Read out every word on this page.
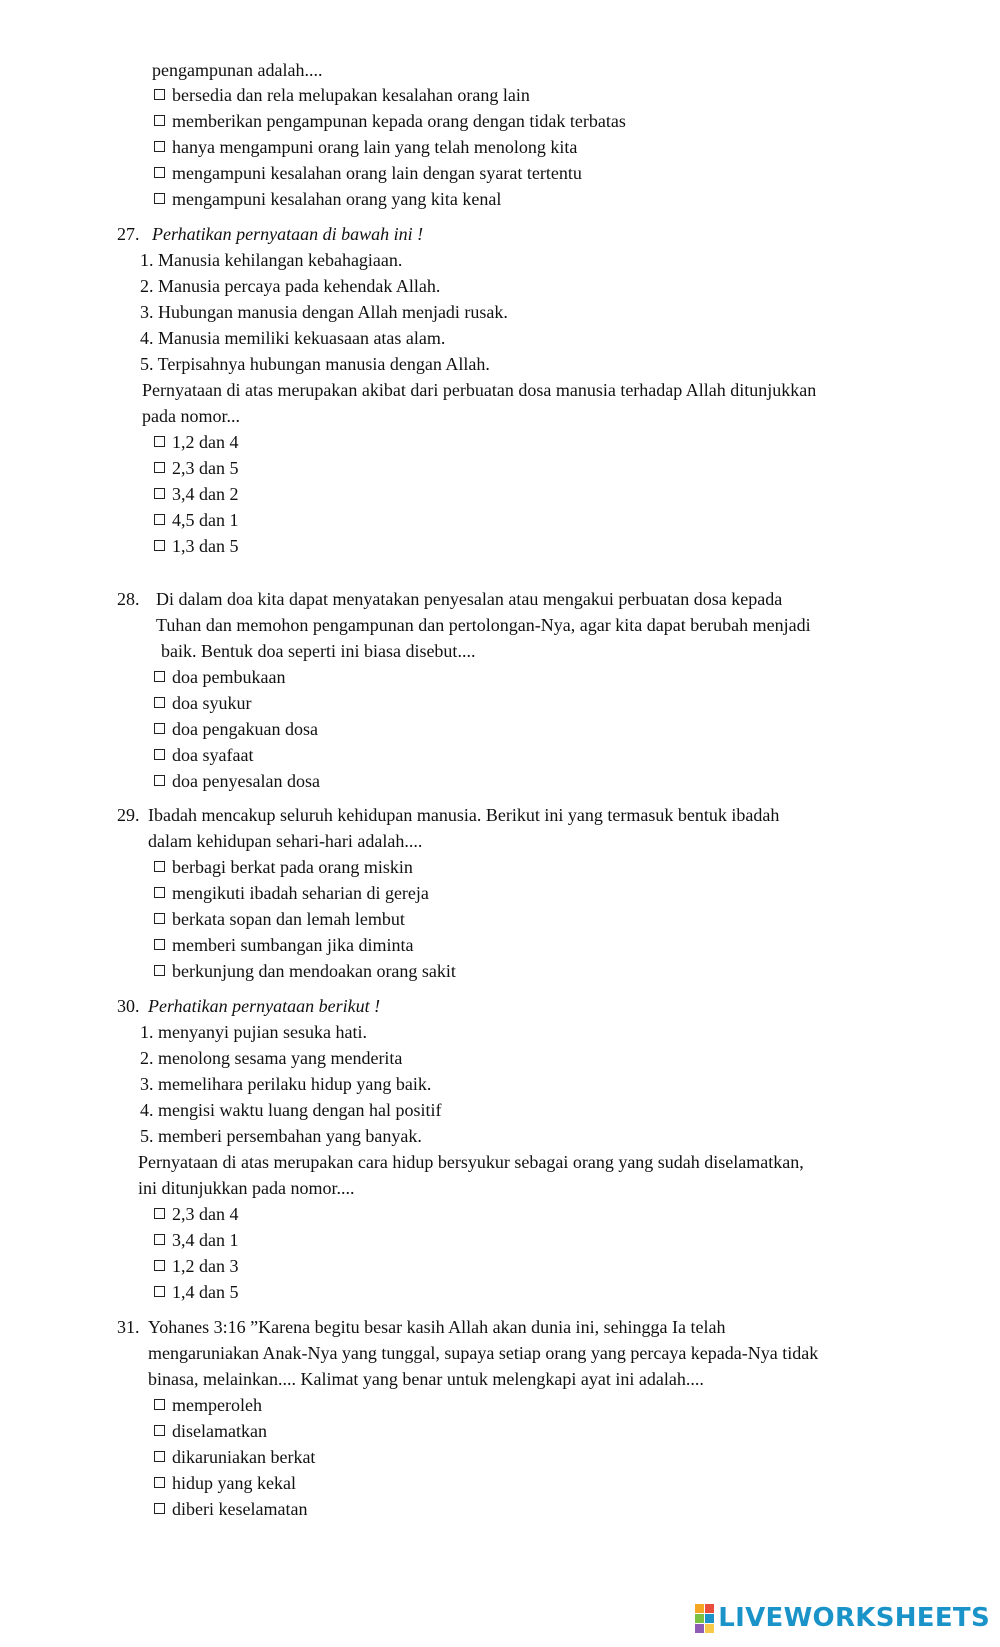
pengampunan adalah....
bersedia dan rela melupakan kesalahan orang lain
memberikan pengampunan kepada orang dengan tidak terbatas
hanya mengampuni orang lain yang telah menolong kita
mengampuni kesalahan orang lain dengan syarat tertentu
mengampuni kesalahan orang yang kita kenal
27. Perhatikan pernyataan di bawah ini !
1. Manusia kehilangan kebahagiaan.
2. Manusia percaya pada kehendak Allah.
3. Hubungan manusia dengan Allah menjadi rusak.
4. Manusia memiliki kekuasaan atas alam.
5. Terpisahnya hubungan manusia dengan Allah.
Pernyataan di atas merupakan akibat dari perbuatan dosa manusia terhadap Allah ditunjukkan
pada nomor...
1,2 dan 4
2,3 dan 5
3,4 dan 2
4,5 dan 1
1,3 dan 5
28. Di dalam doa kita dapat menyatakan penyesalan atau mengakui perbuatan dosa kepada
Tuhan dan memohon pengampunan dan pertolongan-Nya, agar kita dapat berubah menjadi
baik. Bentuk doa seperti ini biasa disebut....
doa pembukaan
doa syukur
doa pengakuan dosa
doa syafaat
doa penyesalan dosa
29. Ibadah mencakup seluruh kehidupan manusia. Berikut ini yang termasuk bentuk ibadah
dalam kehidupan sehari-hari adalah....
berbagi berkat pada orang miskin
mengikuti ibadah seharian di gereja
berkata sopan dan lemah lembut
memberi sumbangan jika diminta
berkunjung dan mendoakan orang sakit
30. Perhatikan pernyataan berikut !
1. menyanyi pujian sesuka hati.
2. menolong sesama yang menderita
3. memelihara perilaku hidup yang baik.
4. mengisi waktu luang dengan hal positif
5. memberi persembahan yang banyak.
Pernyataan di atas merupakan cara hidup bersyukur sebagai orang yang sudah diselamatkan,
ini ditunjukkan pada nomor....
2,3 dan 4
3,4 dan 1
1,2 dan 3
1,4 dan 5
31. Yohanes 3:16 ”Karena begitu besar kasih Allah akan dunia ini, sehingga Ia telah
mengaruniakan Anak-Nya yang tunggal, supaya setiap orang yang percaya kepada-Nya tidak
binasa, melainkan.... Kalimat yang benar untuk melengkapi ayat ini adalah....
memperoleh
diselamatkan
dikaruniakan berkat
hidup yang kekal
diberi keselamatan
LIVEWORKSHEETS
